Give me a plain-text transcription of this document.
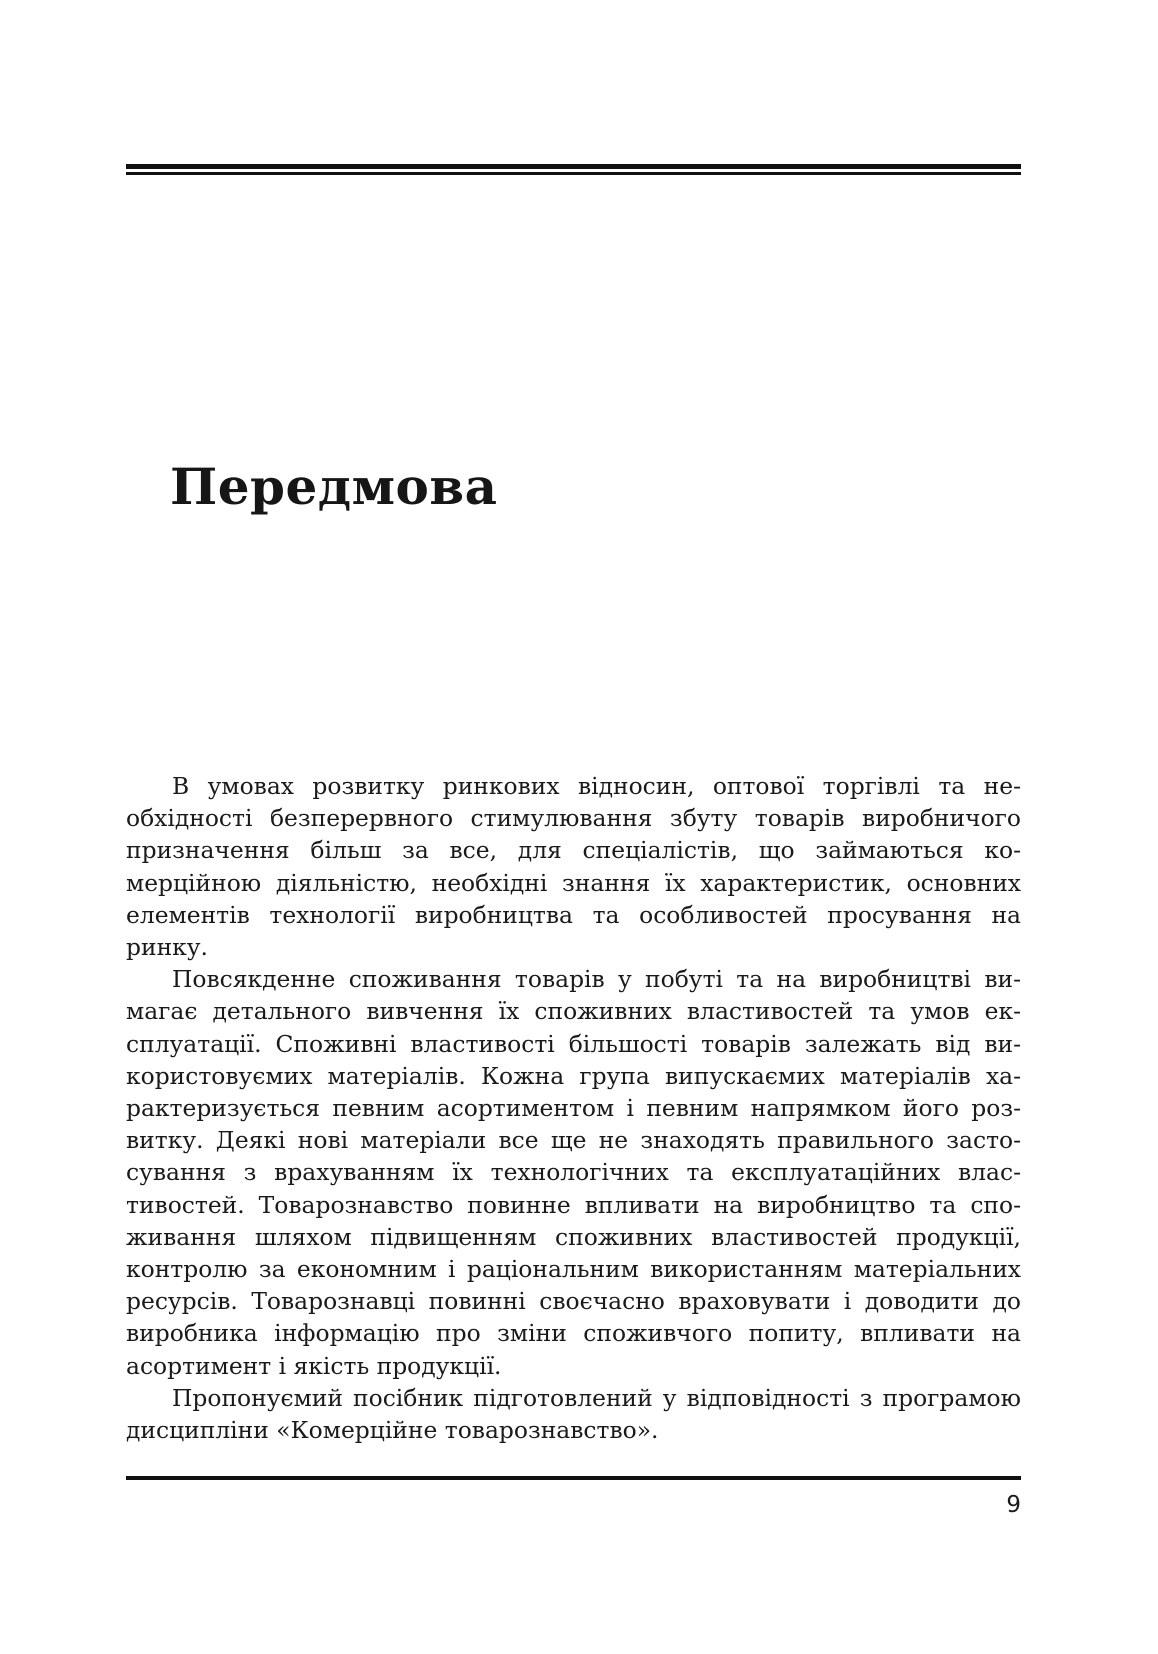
Передмова

В умовах розвитку ринкових відносин, оптової торгівлі та необхідності безперервного стимулювання збуту товарів виробничого призначення більш за все, для спеціалістів, що займаються комерційною діяльністю, необхідні знання їх характеристик, основних елементів технології виробництва та особливостей просування на ринку.

Повсякденне споживання товарів у побуті та на виробництві вимагає детального вивчення їх споживних властивостей та умов експлуатації. Споживні властивості більшості товарів залежать від використовуємих матеріалів. Кожна група випускаємих матеріалів характеризується певним асортиментом і певним напрямком його розвитку. Деякі нові матеріали все ще не знаходять правильного застосування з врахуванням їх технологічних та експлуатаційних властивостей. Товарознавство повинне впливати на виробництво та споживання шляхом підвищенням споживних властивостей продукції, контролю за економним і раціональним використанням матеріальних ресурсів. Товарознавці повинні своєчасно враховувати і доводити до виробника інформацію про зміни споживчого попиту, впливати на асортимент і якість продукції.

Пропонуємий посібник підготовлений у відповідності з програмою дисципліни «Комерційне товарознавство».

9
